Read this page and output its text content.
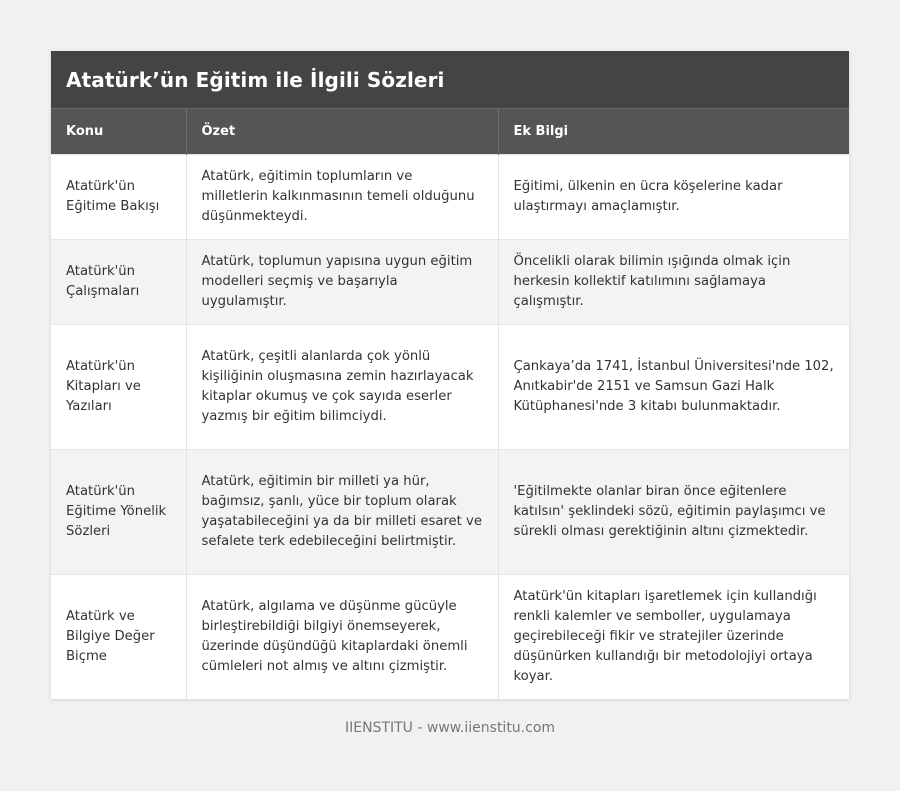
Atatürk’ün Eğitim ile İlgili Sözleri
Konu	Özet	Ek Bilgi
Atatürk'ün Eğitime Bakışı	Atatürk, eğitimin toplumların ve milletlerin kalkınmasının temeli olduğunu düşünmekteydi.	Eğitimi, ülkenin en ücra köşelerine kadar ulaştırmayı amaçlamıştır.
Atatürk'ün Çalışmaları	Atatürk, toplumun yapısına uygun eğitim modelleri seçmiş ve başarıyla uygulamıştır.	Öncelikli olarak bilimin ışığında olmak için herkesin kollektif katılımını sağlamaya çalışmıştır.
Atatürk'ün Kitapları ve Yazıları	Atatürk, çeşitli alanlarda çok yönlü kişiliğinin oluşmasına zemin hazırlayacak kitaplar okumuş ve çok sayıda eserler yazmış bir eğitim bilimciydi.	Çankaya’da 1741, İstanbul Üniversitesi'nde 102, Anıtkabir'de 2151 ve Samsun Gazi Halk Kütüphanesi'nde 3 kitabı bulunmaktadır.
Atatürk'ün Eğitime Yönelik Sözleri	Atatürk, eğitimin bir milleti ya hür, bağımsız, şanlı, yüce bir toplum olarak yaşatabileceğini ya da bir milleti esaret ve sefalete terk edebileceğini belirtmiştir.	'Eğitilmekte olanlar biran önce eğitenlere katılsın' şeklindeki sözü, eğitimin paylaşımcı ve sürekli olması gerektiğinin altını çizmektedir.
Atatürk ve Bilgiye Değer Biçme	Atatürk, algılama ve düşünme gücüyle birleştirebildiği bilgiyi önemseyerek, üzerinde düşündüğü kitaplardaki önemli cümleleri not almış ve altını çizmiştir.	Atatürk'ün kitapları işaretlemek için kullandığı renkli kalemler ve semboller, uygulamaya geçirebileceği fikir ve stratejiler üzerinde düşünürken kullandığı bir metodolojiyi ortaya koyar.
IIENSTITU - www.iienstitu.com
